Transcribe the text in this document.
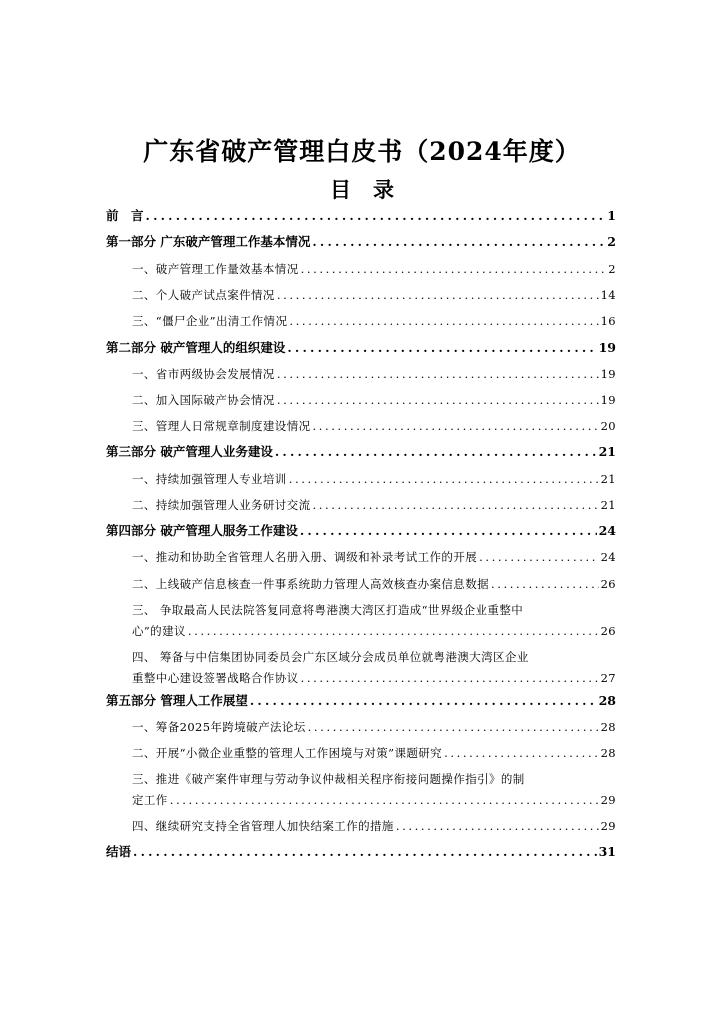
广东省破产管理白皮书（2024年度）
目 录
前　言 .....	1
第一部分 广东破产管理工作基本情况 .....	2
一、破产管理工作量效基本情况 .....	2
二、个人破产试点案件情况 .....	14
三、“僵尸企业”出清工作情况 .....	16
第二部分 破产管理人的组织建设 .....	19
一、省市两级协会发展情况 .....	19
二、加入国际破产协会情况 .....	19
三、管理人日常规章制度建设情况 .....	20
第三部分 破产管理人业务建设 .....	21
一、持续加强管理人专业培训 .....	21
二、持续加强管理人业务研讨交流 .....	21
第四部分 破产管理人服务工作建设 .....	24
一、推动和协助全省管理人名册入册、调级和补录考试工作的开展 .....	24
二、上线破产信息核查一件事系统助力管理人高效核查办案信息数据 .....	26
三、 争取最高人民法院答复同意将粤港澳大湾区打造成“世界级企业重整中
心”的建议 .....	26
四、 筹备与中信集团协同委员会广东区域分会成员单位就粤港澳大湾区企业
重整中心建设签署战略合作协议 .....	27
第五部分 管理人工作展望 .....	28
一、筹备2025年跨境破产法论坛 .....	28
二、开展“小微企业重整的管理人工作困境与对策”课题研究 .....	28
三、推进《破产案件审理与劳动争议仲裁相关程序衔接问题操作指引》的制
定工作 .....	29
四、继续研究支持全省管理人加快结案工作的措施 .....	29
结语 .....	31
